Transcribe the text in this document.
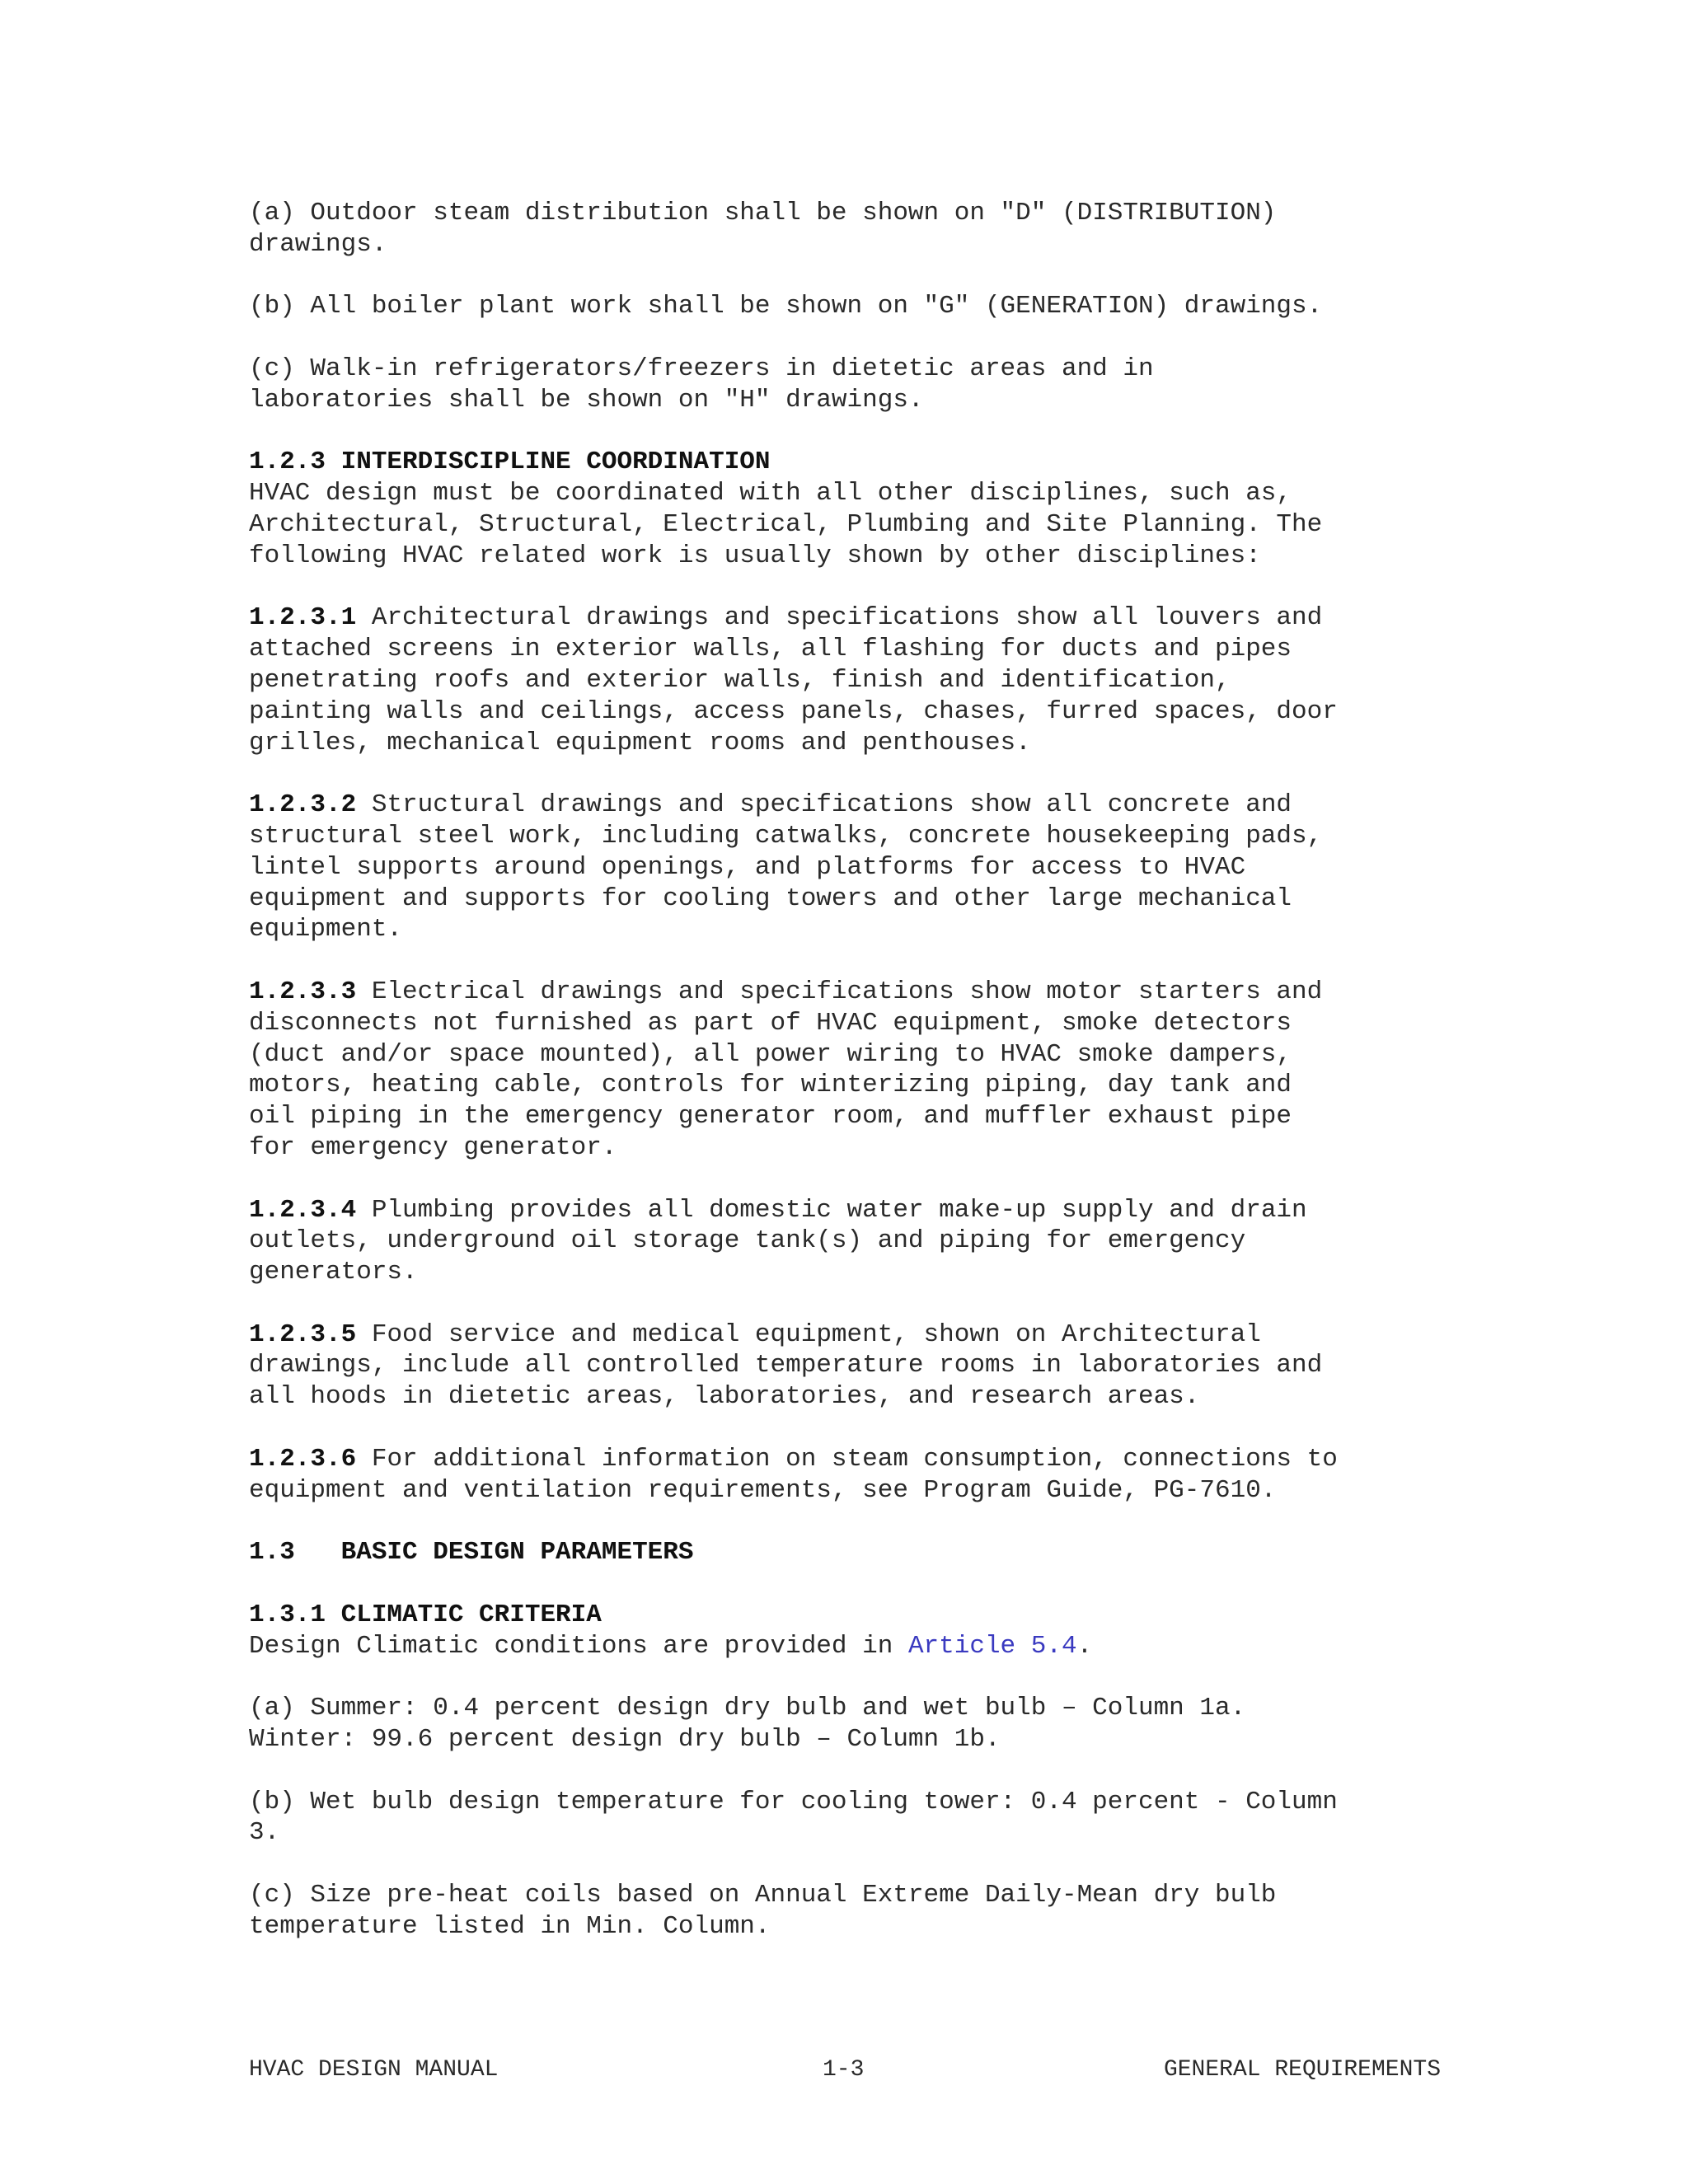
(a) Outdoor steam distribution shall be shown on "D" (DISTRIBUTION)
drawings.

(b) All boiler plant work shall be shown on "G" (GENERATION) drawings.

(c) Walk-in refrigerators/freezers in dietetic areas and in
laboratories shall be shown on "H" drawings.

1.2.3 INTERDISCIPLINE COORDINATION

HVAC design must be coordinated with all other disciplines, such as,
Architectural, Structural, Electrical, Plumbing and Site Planning. The
following HVAC related work is usually shown by other disciplines:

1.2.3.1 Architectural drawings and specifications show all louvers and
attached screens in exterior walls, all flashing for ducts and pipes
penetrating roofs and exterior walls, finish and identification,
painting walls and ceilings, access panels, chases, furred spaces, door
grilles, mechanical equipment rooms and penthouses.

1.2.3.2 Structural drawings and specifications show all concrete and
structural steel work, including catwalks, concrete housekeeping pads,
lintel supports around openings, and platforms for access to HVAC
equipment and supports for cooling towers and other large mechanical
equipment.

1.2.3.3 Electrical drawings and specifications show motor starters and
disconnects not furnished as part of HVAC equipment, smoke detectors
(duct and/or space mounted), all power wiring to HVAC smoke dampers,
motors, heating cable, controls for winterizing piping, day tank and
oil piping in the emergency generator room, and muffler exhaust pipe
for emergency generator.

1.2.3.4 Plumbing provides all domestic water make-up supply and drain
outlets, underground oil storage tank(s) and piping for emergency
generators.

1.2.3.5 Food service and medical equipment, shown on Architectural
drawings, include all controlled temperature rooms in laboratories and
all hoods in dietetic areas, laboratories, and research areas.

1.2.3.6 For additional information on steam consumption, connections to
equipment and ventilation requirements, see Program Guide, PG-7610.

1.3   BASIC DESIGN PARAMETERS

1.3.1 CLIMATIC CRITERIA

Design Climatic conditions are provided in Article 5.4.

(a) Summer: 0.4 percent design dry bulb and wet bulb – Column 1a.
Winter: 99.6 percent design dry bulb – Column 1b.

(b) Wet bulb design temperature for cooling tower: 0.4 percent - Column
3.

(c) Size pre-heat coils based on Annual Extreme Daily-Mean dry bulb
temperature listed in Min. Column.

HVAC DESIGN MANUAL	1-3	GENERAL REQUIREMENTS
